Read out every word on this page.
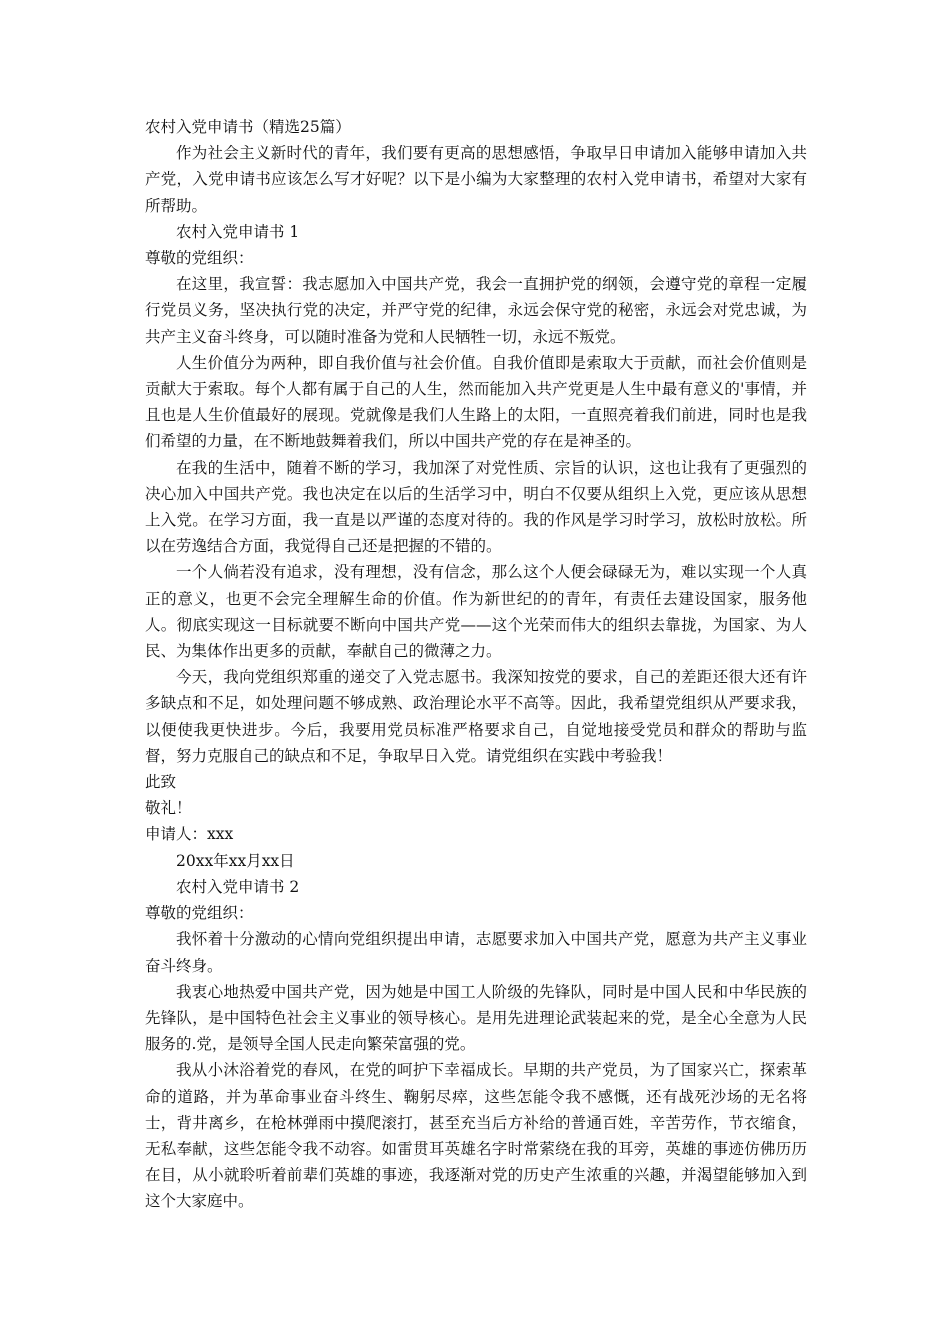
农村入党申请书（精选25篇）

作为社会主义新时代的青年，我们要有更高的思想感悟，争取早日申请加入能够申请加入共产党，入党申请书应该怎么写才好呢？以下是小编为大家整理的农村入党申请书，希望对大家有所帮助。

农村入党申请书 1

尊敬的党组织：

在这里，我宣誓：我志愿加入中国共产党，我会一直拥护党的纲领，会遵守党的章程一定履行党员义务，坚决执行党的决定，并严守党的纪律，永远会保守党的秘密，永远会对党忠诚，为共产主义奋斗终身，可以随时准备为党和人民牺牲一切，永远不叛党。

人生价值分为两种，即自我价值与社会价值。自我价值即是索取大于贡献，而社会价值则是贡献大于索取。每个人都有属于自己的人生，然而能加入共产党更是人生中最有意义的'事情，并且也是人生价值最好的展现。党就像是我们人生路上的太阳，一直照亮着我们前进，同时也是我们希望的力量，在不断地鼓舞着我们，所以中国共产党的存在是神圣的。

在我的生活中，随着不断的学习，我加深了对党性质、宗旨的认识，这也让我有了更强烈的决心加入中国共产党。我也决定在以后的生活学习中，明白不仅要从组织上入党，更应该从思想上入党。在学习方面，我一直是以严谨的态度对待的。我的作风是学习时学习，放松时放松。所以在劳逸结合方面，我觉得自己还是把握的不错的。

一个人倘若没有追求，没有理想，没有信念，那么这个人便会碌碌无为，难以实现一个人真正的意义，也更不会完全理解生命的价值。作为新世纪的的青年，有责任去建设国家，服务他人。彻底实现这一目标就要不断向中国共产党——这个光荣而伟大的组织去靠拢，为国家、为人民、为集体作出更多的贡献，奉献自己的微薄之力。

今天，我向党组织郑重的递交了入党志愿书。我深知按党的要求，自己的差距还很大还有许多缺点和不足，如处理问题不够成熟、政治理论水平不高等。因此，我希望党组织从严要求我，以便使我更快进步。今后，我要用党员标准严格要求自己，自觉地接受党员和群众的帮助与监督，努力克服自己的缺点和不足，争取早日入党。请党组织在实践中考验我！

此致

敬礼！

申请人：xxx

20xx年xx月xx日

农村入党申请书 2

尊敬的党组织：

我怀着十分激动的心情向党组织提出申请，志愿要求加入中国共产党，愿意为共产主义事业奋斗终身。

我衷心地热爱中国共产党，因为她是中国工人阶级的先锋队，同时是中国人民和中华民族的先锋队，是中国特色社会主义事业的领导核心。是用先进理论武装起来的党，是全心全意为人民服务的.党，是领导全国人民走向繁荣富强的党。

我从小沐浴着党的春风，在党的呵护下幸福成长。早期的共产党员，为了国家兴亡，探索革命的道路，并为革命事业奋斗终生、鞠躬尽瘁，这些怎能令我不感慨，还有战死沙场的无名将士，背井离乡，在枪林弹雨中摸爬滚打，甚至充当后方补给的普通百姓，辛苦劳作，节衣缩食，无私奉献，这些怎能令我不动容。如雷贯耳英雄名字时常萦绕在我的耳旁，英雄的事迹仿佛历历在目，从小就聆听着前辈们英雄的事迹，我逐渐对党的历史产生浓重的兴趣，并渴望能够加入到这个大家庭中。
